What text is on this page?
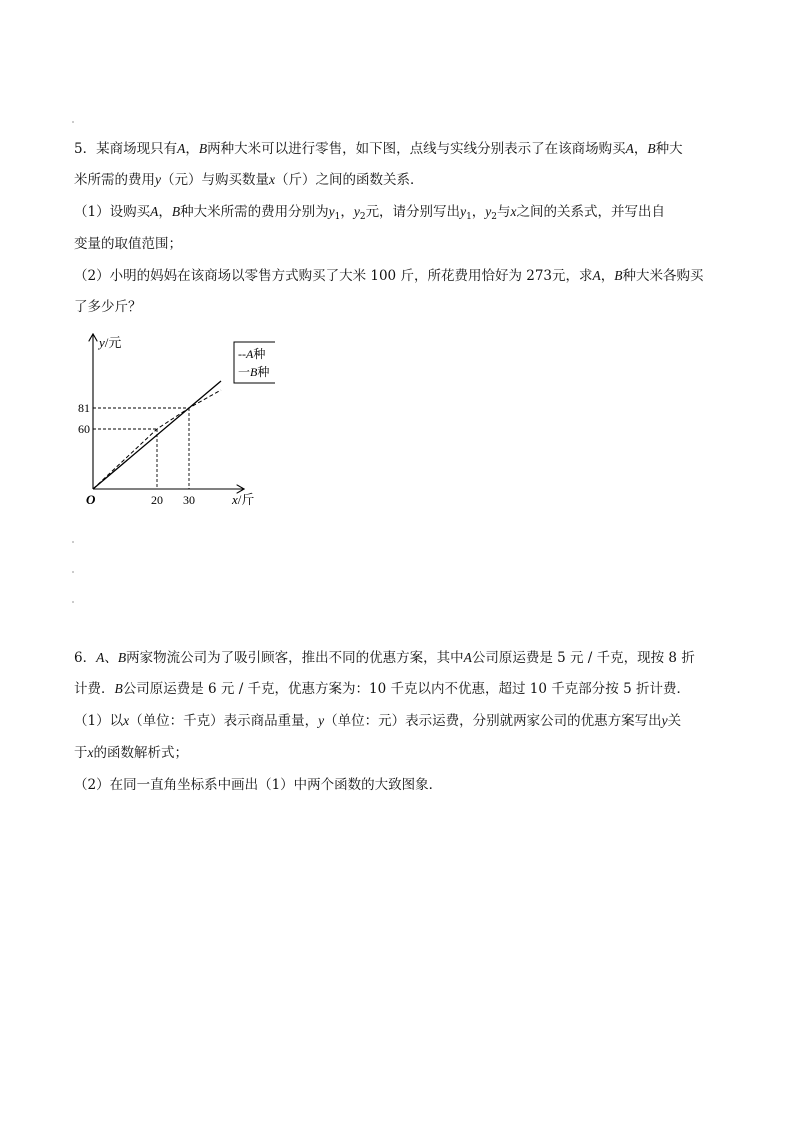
5．某商场现只有A，B两种大米可以进行零售，如下图，点线与实线分别表示了在该商场购买A，B种大
米所需的费用y（元）与购买数量x（斤）之间的函数关系．
（1）设购买A，B种大米所需的费用分别为$y_1$，$y_2$元，请分别写出$y_1$，$y_2$与x之间的关系式，并写出自
变量的取值范围；
（2）小明的妈妈在该商场以零售方式购买了大米 100 斤，所花费用恰好为 273元，求A，B种大米各购买
了多少斤？
20 30
60
81
O
y/元
x/斤
--A种
一B种
6．A、B两家物流公司为了吸引顾客，推出不同的优惠方案，其中A公司原运费是 5 元 / 千克，现按 8 折
计费．B公司原运费是 6 元 / 千克，优惠方案为：10 千克以内不优惠，超过 10 千克部分按 5 折计费．
（1）以x（单位：千克）表示商品重量，y（单位：元）表示运费，分别就两家公司的优惠方案写出y关
于x的函数解析式；
（2）在同一直角坐标系中画出（1）中两个函数的大致图象．
